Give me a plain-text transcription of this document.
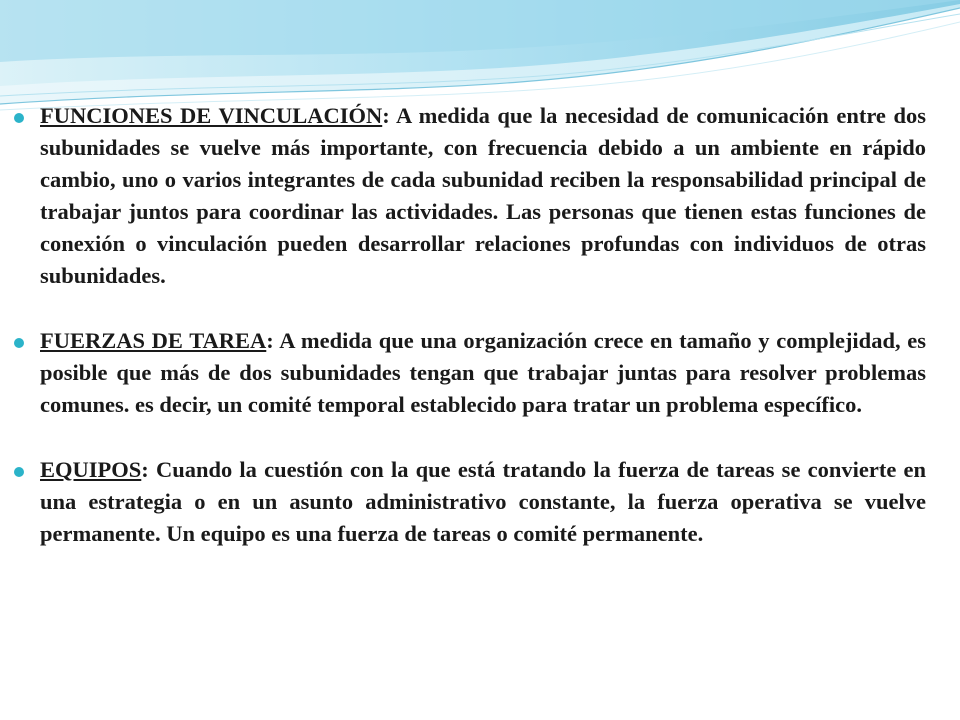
FUNCIONES DE VINCULACIÓN: A medida que la necesidad de comunicación entre dos subunidades se vuelve más importante, con frecuencia debido a un ambiente en rápido cambio, uno o varios integrantes de cada subunidad reciben la responsabilidad principal de trabajar juntos para coordinar las actividades. Las personas que tienen estas funciones de conexión o vinculación pueden desarrollar relaciones profundas con individuos de otras subunidades.
FUERZAS DE TAREA: A medida que una organización crece en tamaño y complejidad, es posible que más de dos subunidades tengan que trabajar juntas para resolver problemas comunes. es decir, un comité temporal establecido para tratar un problema específico.
EQUIPOS: Cuando la cuestión con la que está tratando la fuerza de tareas se convierte en una estrategia o en un asunto administrativo constante, la fuerza operativa se vuelve permanente. Un equipo es una fuerza de tareas o comité permanente.
